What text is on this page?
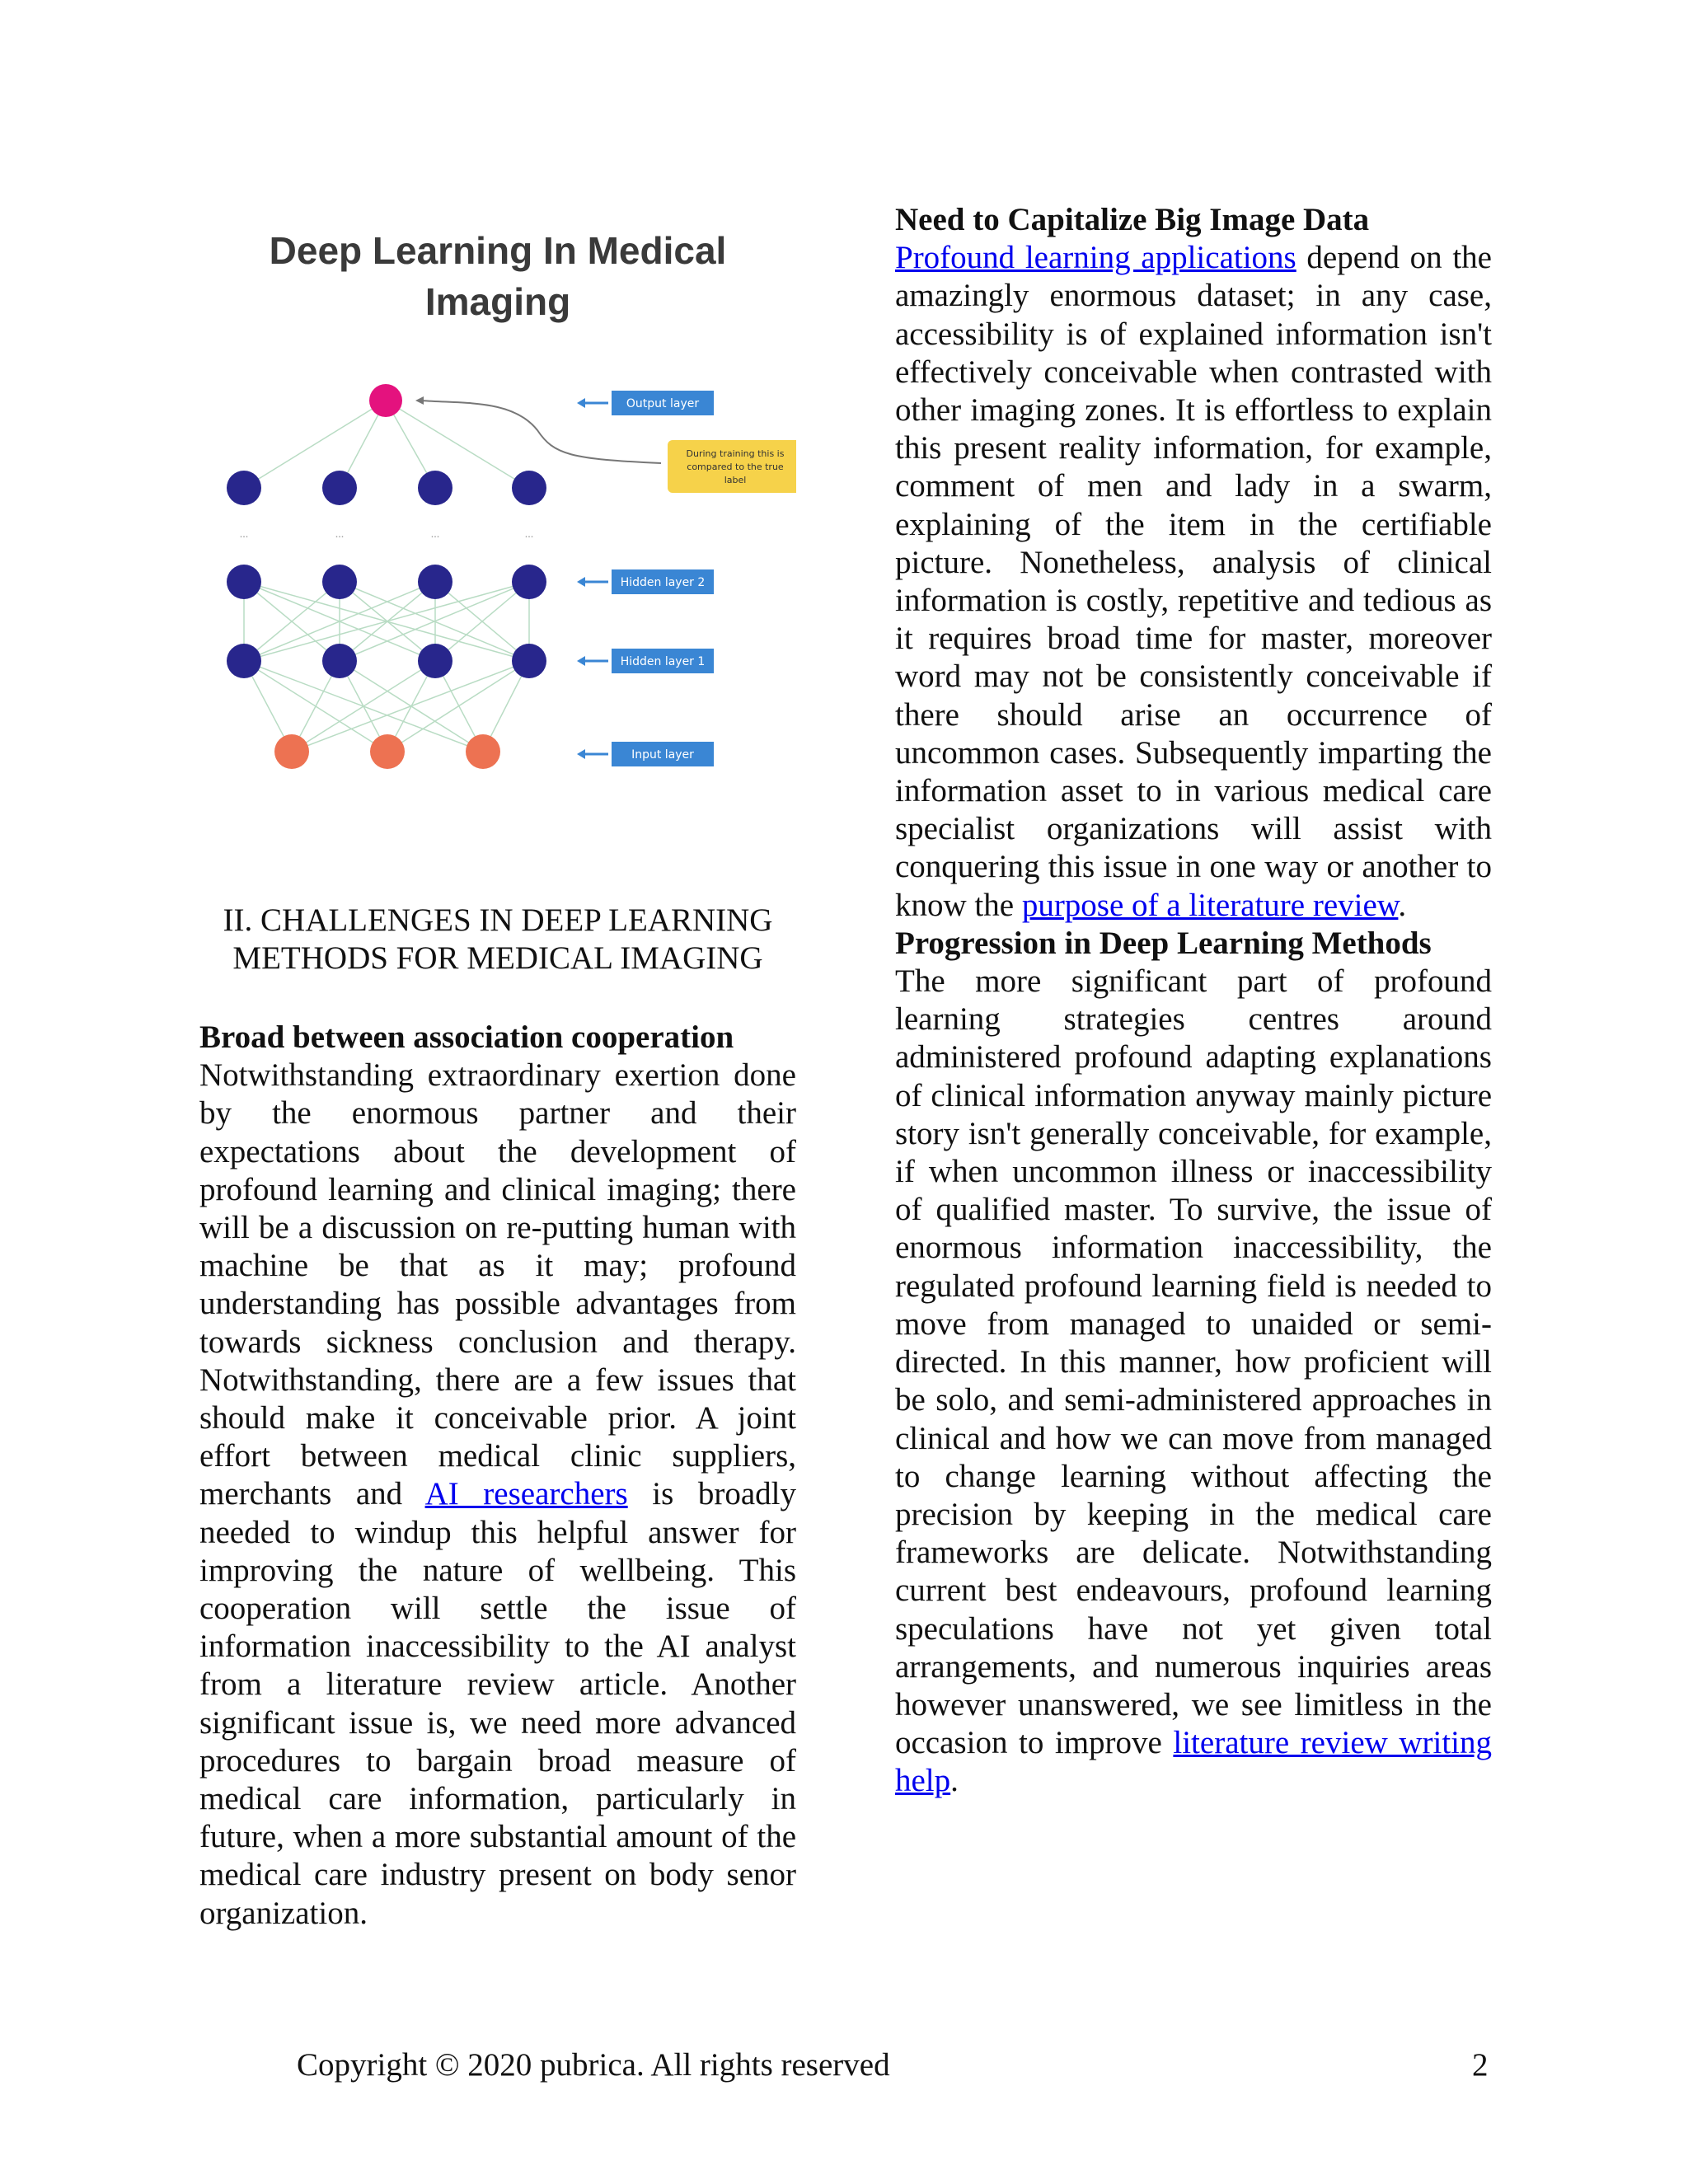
Deep Learning In Medical
Imaging
During training this is
compared to the true
label
...	...	...	...
Output layer
Hidden layer 2
Hidden layer 1
Input layer
II. CHALLENGES IN DEEP LEARNING
METHODS FOR MEDICAL IMAGING
Broad between association cooperation

Notwithstanding extraordinary exertion done by the enormous partner and their expectations about the development of profound learning and clinical imaging; there will be a discussion on re-putting human with machine be that as it may; profound understanding has possible advantages from towards sickness conclusion and therapy. Notwithstanding, there are a few issues that should make it conceivable prior. A joint effort between medical clinic suppliers, merchants and AI researchers is broadly needed to windup this helpful answer for improving the nature of wellbeing. This cooperation will settle the issue of information inaccessibility to the AI analyst from a literature review article. Another significant issue is, we need more advanced procedures to bargain broad measure of medical care information, particularly in future, when a more substantial amount of the medical care industry present on body senor organization.

Need to Capitalize Big Image Data

Profound learning applications depend on the amazingly enormous dataset; in any case, accessibility is of explained information isn't effectively conceivable when contrasted with other imaging zones. It is effortless to explain this present reality information, for example, comment of men and lady in a swarm, explaining of the item in the certifiable picture. Nonetheless, analysis of clinical information is costly, repetitive and tedious as it requires broad time for master, moreover word may not be consistently conceivable if there should arise an occurrence of uncommon cases. Subsequently imparting the information asset to in various medical care specialist organizations will assist with conquering this issue in one way or another to know the purpose of a literature review.

Progression in Deep Learning Methods

The more significant part of profound learning strategies centres around administered profound adapting explanations of clinical information anyway mainly picture story isn't generally conceivable, for example, if when uncommon illness or inaccessibility of qualified master. To survive, the issue of enormous information inaccessibility, the regulated profound learning field is needed to move from managed to unaided or semi-directed. In this manner, how proficient will be solo, and semi-administered approaches in clinical and how we can move from managed to change learning without affecting the precision by keeping in the medical care frameworks are delicate. Notwithstanding current best endeavours, profound learning speculations have not yet given total arrangements, and numerous inquiries areas however unanswered, we see limitless in the occasion to improve literature review writing help.

Copyright © 2020 pubrica. All rights reserved	2
